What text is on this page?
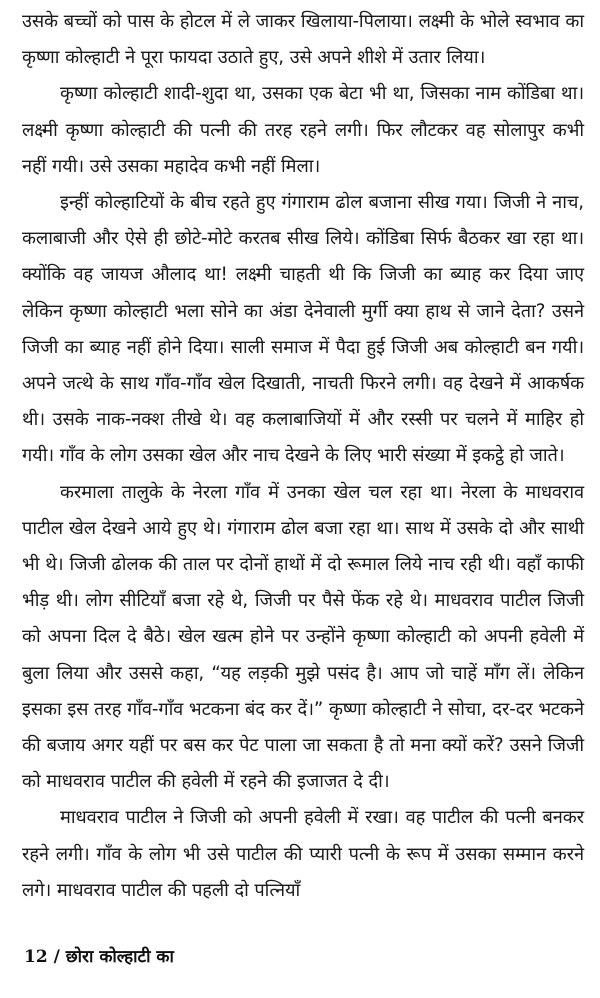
उसके बच्चों को पास के होटल में ले जाकर खिलाया-पिलाया। लक्ष्मी के भोले स्वभाव का कृष्णा कोल्हाटी ने पूरा फायदा उठाते हुए, उसे अपने शीशे में उतार लिया।

कृष्णा कोल्हाटी शादी-शुदा था, उसका एक बेटा भी था, जिसका नाम कोंडिबा था। लक्ष्मी कृष्णा कोल्हाटी की पत्नी की तरह रहने लगी। फिर लौटकर वह सोलापुर कभी नहीं गयी। उसे उसका महादेव कभी नहीं मिला।

इन्हीं कोल्हाटियों के बीच रहते हुए गंगाराम ढोल बजाना सीख गया। जिजी ने नाच, कलाबाजी और ऐसे ही छोटे-मोटे करतब सीख लिये। कोंडिबा सिर्फ बैठकर खा रहा था। क्योंकि वह जायज औलाद था! लक्ष्मी चाहती थी कि जिजी का ब्याह कर दिया जाए लेकिन कृष्णा कोल्हाटी भला सोने का अंडा देनेवाली मुर्गी क्या हाथ से जाने देता? उसने जिजी का ब्याह नहीं होने दिया। साली समाज में पैदा हुई जिजी अब कोल्हाटी बन गयी। अपने जत्थे के साथ गाँव-गाँव खेल दिखाती, नाचती फिरने लगी। वह देखने में आकर्षक थी। उसके नाक-नक्श तीखे थे। वह कलाबाजियों में और रस्सी पर चलने में माहिर हो गयी। गाँव के लोग उसका खेल और नाच देखने के लिए भारी संख्या में इकट्ठे हो जाते।

करमाला तालुके के नेरला गाँव में उनका खेल चल रहा था। नेरला के माधवराव पाटील खेल देखने आये हुए थे। गंगाराम ढोल बजा रहा था। साथ में उसके दो और साथी भी थे। जिजी ढोलक की ताल पर दोनों हाथों में दो रूमाल लिये नाच रही थी। वहाँ काफी भीड़ थी। लोग सीटियाँ बजा रहे थे, जिजी पर पैसे फेंक रहे थे। माधवराव पाटील जिजी को अपना दिल दे बैठे। खेल खत्म होने पर उन्होंने कृष्णा कोल्हाटी को अपनी हवेली में बुला लिया और उससे कहा, “यह लड़की मुझे पसंद है। आप जो चाहें माँग लें। लेकिन इसका इस तरह गाँव-गाँव भटकना बंद कर दें।” कृष्णा कोल्हाटी ने सोचा, दर-दर भटकने की बजाय अगर यहीं पर बस कर पेट पाला जा सकता है तो मना क्यों करें? उसने जिजी को माधवराव पाटील की हवेली में रहने की इजाजत दे दी।

माधवराव पाटील ने जिजी को अपनी हवेली में रखा। वह पाटील की पत्नी बनकर रहने लगी। गाँव के लोग भी उसे पाटील की प्यारी पत्नी के रूप में उसका सम्मान करने लगे। माधवराव पाटील की पहली दो पत्नियाँ

12 / छोरा कोल्हाटी का
